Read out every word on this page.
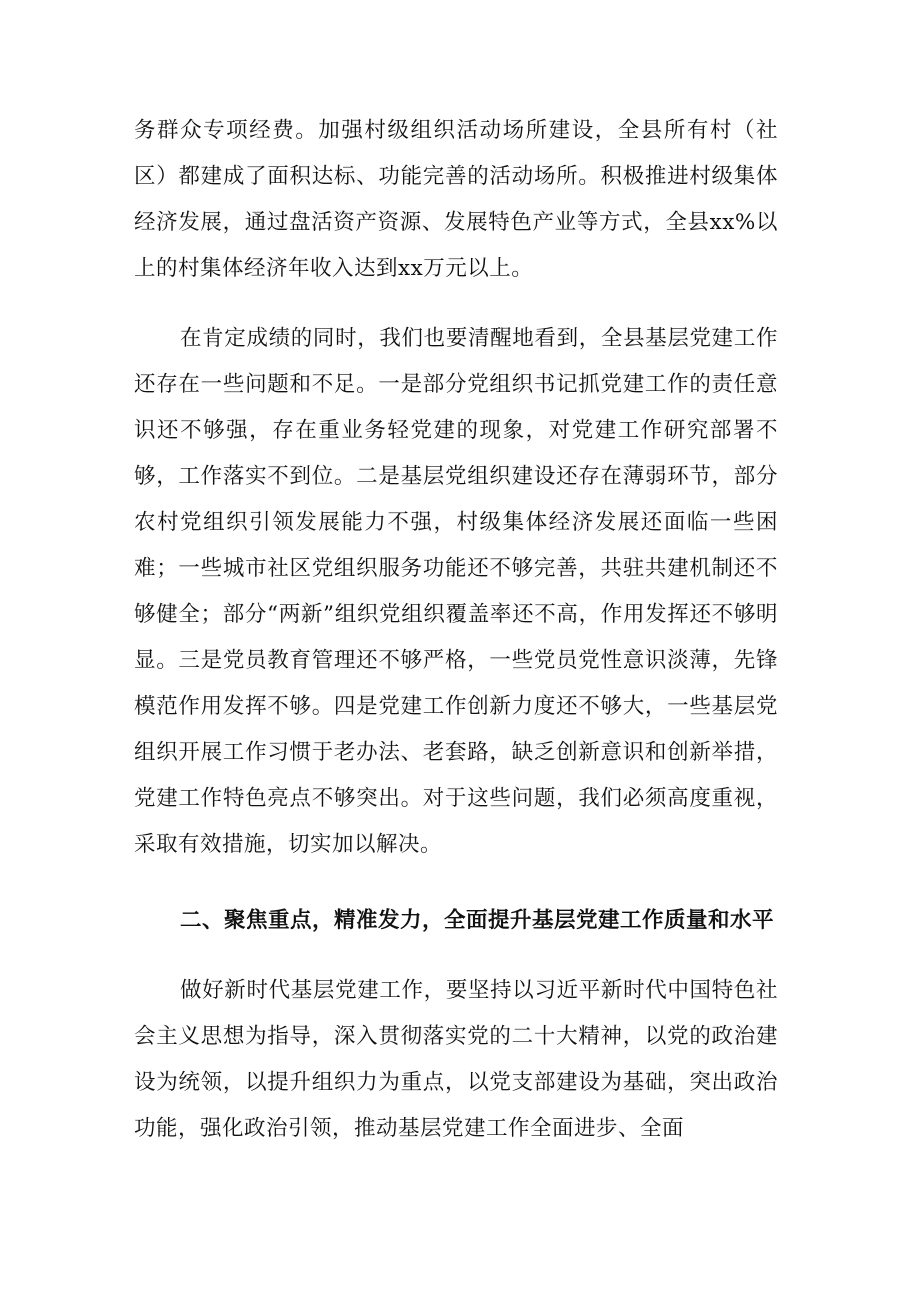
务群众专项经费。加强村级组织活动场所建设，全县所有村（社区）都建成了面积达标、功能完善的活动场所。积极推进村级集体经济发展，通过盘活资产资源、发展特色产业等方式，全县xx%以上的村集体经济年收入达到xx万元以上。

在肯定成绩的同时，我们也要清醒地看到，全县基层党建工作还存在一些问题和不足。一是部分党组织书记抓党建工作的责任意识还不够强，存在重业务轻党建的现象，对党建工作研究部署不够，工作落实不到位。二是基层党组织建设还存在薄弱环节，部分农村党组织引领发展能力不强，村级集体经济发展还面临一些困难；一些城市社区党组织服务功能还不够完善，共驻共建机制还不够健全；部分“两新”组织党组织覆盖率还不高，作用发挥还不够明显。三是党员教育管理还不够严格，一些党员党性意识淡薄，先锋模范作用发挥不够。四是党建工作创新力度还不够大，一些基层党组织开展工作习惯于老办法、老套路，缺乏创新意识和创新举措，党建工作特色亮点不够突出。对于这些问题，我们必须高度重视，采取有效措施，切实加以解决。

二、聚焦重点，精准发力，全面提升基层党建工作质量和水平

做好新时代基层党建工作，要坚持以习近平新时代中国特色社会主义思想为指导，深入贯彻落实党的二十大精神，以党的政治建设为统领，以提升组织力为重点，以党支部建设为基础，突出政治功能，强化政治引领，推动基层党建工作全面进步、全面
